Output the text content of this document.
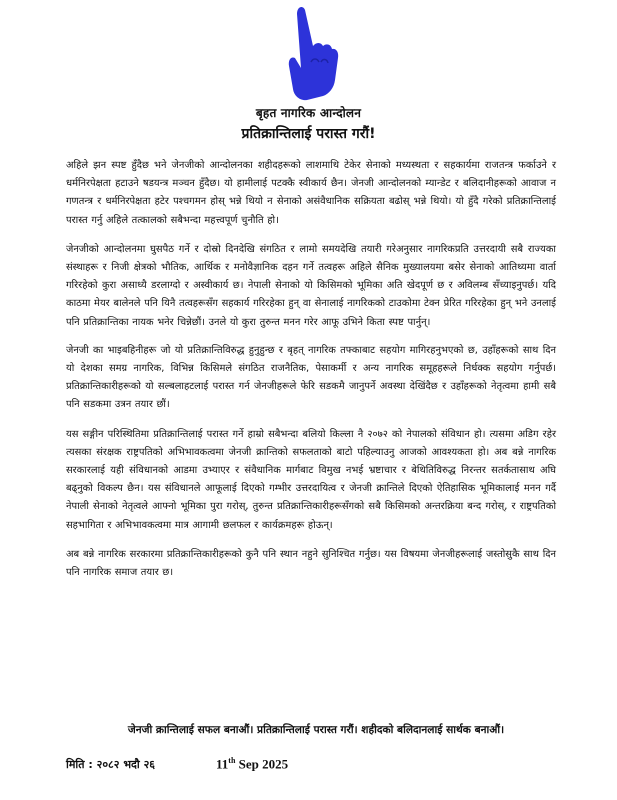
बृहत नागरिक आन्दोलन
प्रतिक्रान्तिलाई परास्त गरौं!

अहिले झन स्पष्ट हुँदैछ भने जेनजीको आन्दोलनका शहीदहरूको लाशमाथि टेकेर सेनाको मध्यस्थता र सहकार्यमा राजतन्त्र फर्काउने र धर्मनिरपेक्षता हटाउने षडयन्त्र मञ्चन हुँदैछ। यो हामीलाई पटक्कै स्वीकार्य छैन। जेनजी आन्दोलनको म्यान्डेट र बलिदानीहरूको आवाज न गणतन्त्र र धर्मनिरपेक्षता हटेर पश्चगमन होस् भन्ने थियो न सेनाको असंवैधानिक सक्रियता बढोस् भन्ने थियो। यो हुँदै गरेको प्रतिक्रान्तिलाई परास्त गर्नु अहिले तत्कालको सबैभन्दा महत्त्वपूर्ण चुनौति हो।

जेनजीको आन्दोलनमा घुसपैठ गर्ने र दोस्रो दिनदेखि संगठित र लामो समयदेखि तयारी गरेअनुसार नागरिकप्रति उत्तरदायी सबै राज्यका संस्थाहरू र निजी क्षेत्रको भौतिक, आर्थिक र मनोवैज्ञानिक दहन गर्ने तत्वहरू अहिले सैनिक मुख्यालयमा बसेर सेनाको आतिथ्यमा वार्ता गरिरहेको कुरा असाध्यै डरलाग्दो र अस्वीकार्य छ। नेपाली सेनाको यो किसिमको भूमिका अति खेदपूर्ण छ र अविलम्ब सँच्याइनुपर्छ। यदि काठमा मेयर बालेनले पनि यिनै तत्वहरूसँग सहकार्य गरिरहेका हुन् वा सेनालाई नागरिकको टाउकोमा टेक्न प्रेरित गरिरहेका हुन् भने उनलाई पनि प्रतिक्रान्तिका नायक भनेर चिन्नेछौं। उनले यो कुरा तुरुन्त मनन गरेर आफू उभिने किता स्पष्ट पार्नुन्।

जेनजी का भाइबहिनीहरू जो यो प्रतिक्रान्तिविरुद्ध हुनुहुन्छ र बृहत् नागरिक तफ्काबाट सहयोग मागिरहनुभएको छ, उहाँहरूको साथ दिन यो देशका समग्र नागरिक, विभिन्न किसिमले संगठित राजनैतिक, पेसाकर्मी र अन्य नागरिक समूहहरूले निर्धक्क सहयोग गर्नुपर्छ। प्रतिक्रान्तिकारीहरूको यो सल्बलाहटलाई परास्त गर्न जेनजीहरूले फेरि सडकमै जानुपर्ने अवस्था देखिंदैछ र उहाँहरूको नेतृत्वमा हामी सबै पनि सडकमा उत्रन तयार छौं।

यस सङ्गीन परिस्थितिमा प्रतिक्रान्तिलाई परास्त गर्ने हाम्रो सबैभन्दा बलियो किल्ला नै २०७२ को नेपालको संविधान हो। त्यसमा अडिग रहेर त्यसका संरक्षक राष्ट्रपतिको अभिभावकत्वमा जेनजी क्रान्तिको सफलताको बाटो पहिल्याउनु आजको आवश्यकता हो। अब बन्ने नागरिक सरकारलाई यही संविधानको आडमा उभ्याएर र संवैधानिक मार्गबाट विमुख नभई भ्रष्टाचार र बेथितिविरुद्ध निरन्तर सतर्कतासाथ अघि बढ्नुको विकल्प छैन। यस संविधानले आफूलाई दिएको गम्भीर उत्तरदायित्व र जेनजी क्रान्तिले दिएको ऐतिहासिक भूमिकालाई मनन गर्दै नेपाली सेनाको नेतृत्वले आफ्नो भूमिका पुरा गरोस्, तुरुन्त प्रतिक्रान्तिकारीहरूसँगको सबै किसिमको अन्तरक्रिया बन्द गरोस्, र राष्ट्रपतिको सहभागिता र अभिभावकत्वमा मात्र आगामी छलफल र कार्यक्रमहरू होऊन्।

अब बन्ने नागरिक सरकारमा प्रतिक्रान्तिकारीहरूको कुनै पनि स्थान नहुने सुनिश्चित गर्नुछ। यस विषयमा जेनजीहरूलाई जस्तोसुकै साथ दिन पनि नागरिक समाज तयार छ।

जेनजी क्रान्तिलाई सफल बनाऔं। प्रतिक्रान्तिलाई परास्त गरौं। शहीदको बलिदानलाई सार्थक बनाऔं।
मिति : २०८२ भदौ २६	11th Sep 2025
